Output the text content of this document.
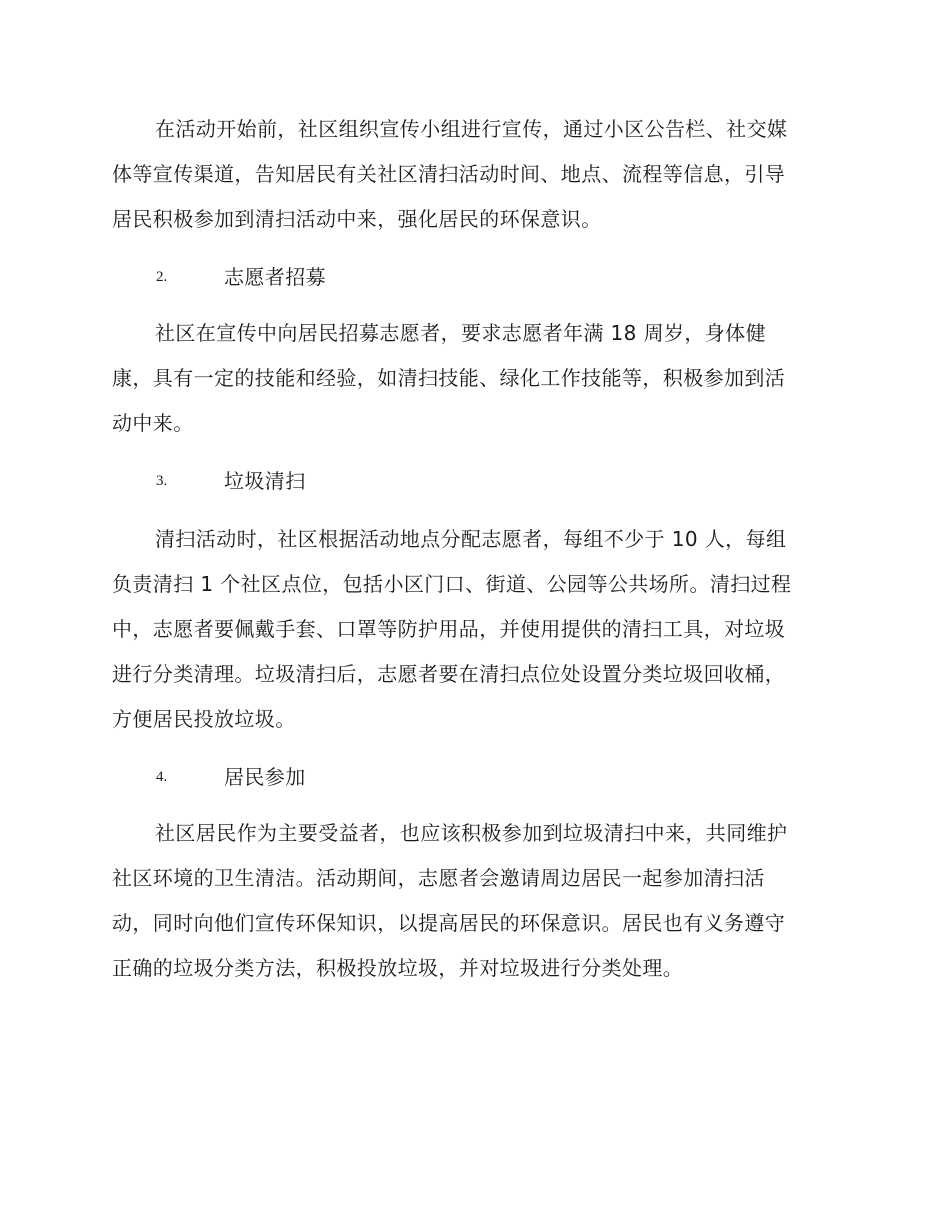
在活动开始前，社区组织宣传小组进行宣传，通过小区公告栏、社交媒
体等宣传渠道，告知居民有关社区清扫活动时间、地点、流程等信息，引导
居民积极参加到清扫活动中来，强化居民的环保意识。
2.	志愿者招募
社区在宣传中向居民招募志愿者，要求志愿者年满 18 周岁，身体健
康，具有一定的技能和经验，如清扫技能、绿化工作技能等，积极参加到活
动中来。
3.	垃圾清扫
清扫活动时，社区根据活动地点分配志愿者，每组不少于 10 人，每组
负责清扫 1 个社区点位，包括小区门口、街道、公园等公共场所。清扫过程
中，志愿者要佩戴手套、口罩等防护用品，并使用提供的清扫工具，对垃圾
进行分类清理。垃圾清扫后，志愿者要在清扫点位处设置分类垃圾回收桶，
方便居民投放垃圾。
4.	居民参加
社区居民作为主要受益者，也应该积极参加到垃圾清扫中来，共同维护
社区环境的卫生清洁。活动期间，志愿者会邀请周边居民一起参加清扫活
动，同时向他们宣传环保知识，以提高居民的环保意识。居民也有义务遵守
正确的垃圾分类方法，积极投放垃圾，并对垃圾进行分类处理。
